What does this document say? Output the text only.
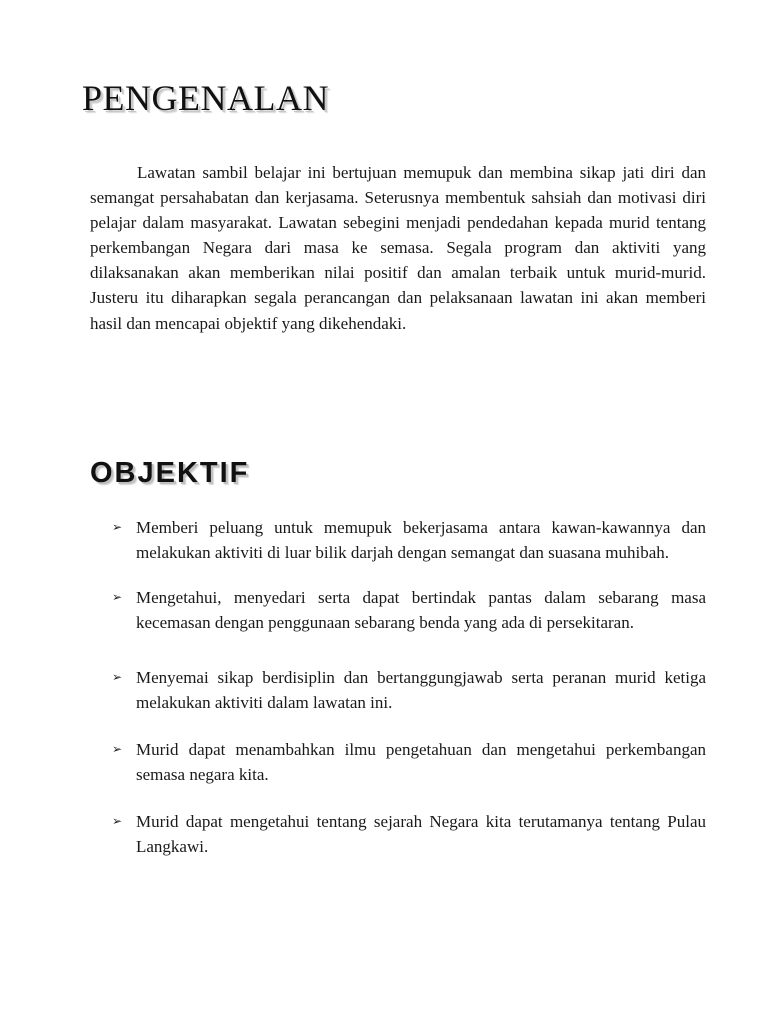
PENGENALAN

Lawatan sambil belajar ini bertujuan memupuk dan membina sikap jati diri dan semangat persahabatan dan kerjasama. Seterusnya membentuk sahsiah dan motivasi diri pelajar dalam masyarakat. Lawatan sebegini menjadi pendedahan kepada murid tentang perkembangan Negara dari masa ke semasa. Segala program dan aktiviti yang dilaksanakan akan memberikan nilai positif dan amalan terbaik untuk murid-murid. Justeru itu diharapkan segala perancangan dan pelaksanaan lawatan ini akan memberi hasil dan mencapai objektif yang dikehendaki.

OBJEKTIF
➢ Memberi peluang untuk memupuk bekerjasama antara kawan-kawannya dan melakukan aktiviti di luar bilik darjah dengan semangat dan suasana muhibah.
➢ Mengetahui, menyedari serta dapat bertindak pantas dalam sebarang masa kecemasan dengan penggunaan sebarang benda yang ada di persekitaran.
➢ Menyemai sikap berdisiplin dan bertanggungjawab serta peranan murid ketiga melakukan aktiviti dalam lawatan ini.
➢ Murid dapat menambahkan ilmu pengetahuan dan mengetahui perkembangan semasa negara kita.
➢ Murid dapat mengetahui tentang sejarah Negara kita terutamanya tentang Pulau Langkawi.
